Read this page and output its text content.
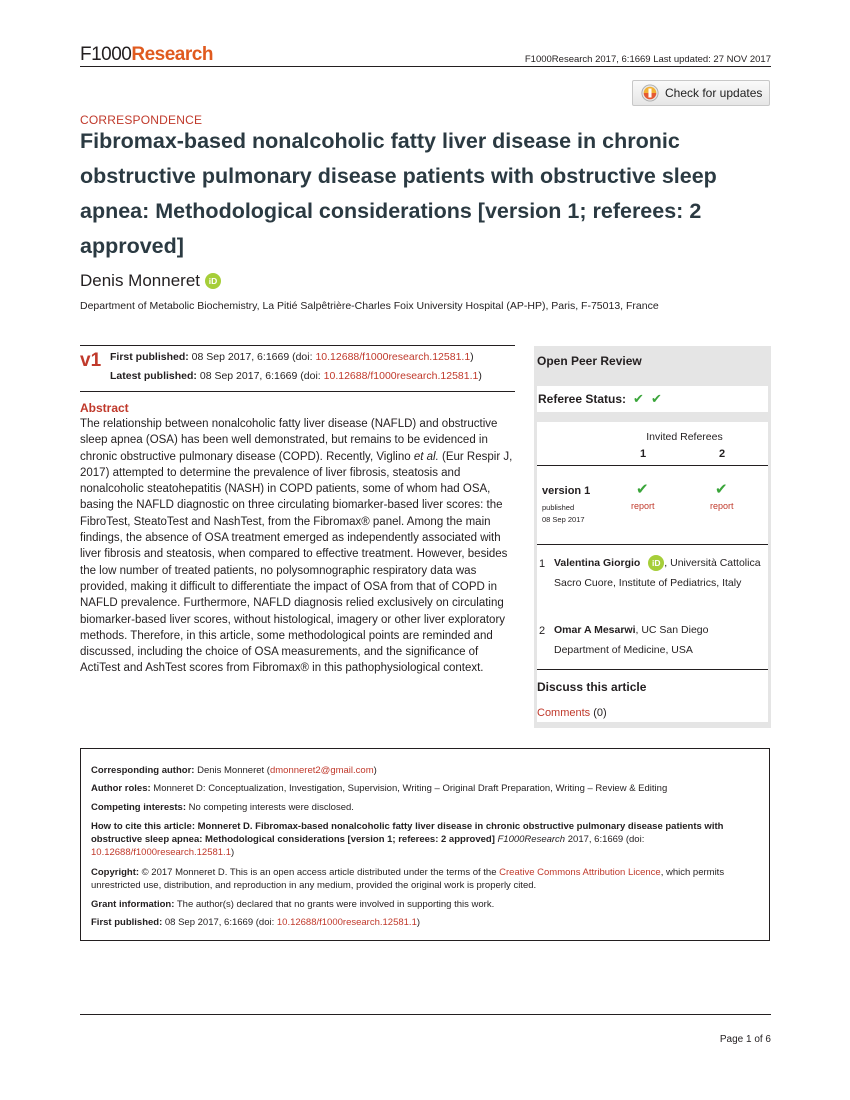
F1000Research	F1000Research 2017, 6:1669 Last updated: 27 NOV 2017
Check for updates
CORRESPONDENCE
Fibromax-based nonalcoholic fatty liver disease in chronic obstructive pulmonary disease patients with obstructive sleep apnea: Methodological considerations [version 1; referees: 2 approved]
Denis Monneret	iD
Department of Metabolic Biochemistry, La Pitié Salpêtrière-Charles Foix University Hospital (AP-HP), Paris, F-75013, France
v1 First published: 08 Sep 2017, 6:1669 (doi: 10.12688/f1000research.12581.1)
Latest published: 08 Sep 2017, 6:1669 (doi: 10.12688/f1000research.12581.1)
Abstract
The relationship between nonalcoholic fatty liver disease (NAFLD) and obstructive sleep apnea (OSA) has been well demonstrated, but remains to be evidenced in chronic obstructive pulmonary disease (COPD). Recently, Viglino et al. (Eur Respir J, 2017) attempted to determine the prevalence of liver fibrosis, steatosis and nonalcoholic steatohepatitis (NASH) in COPD patients, some of whom had OSA, basing the NAFLD diagnostic on three circulating biomarker-based liver scores: the FibroTest, SteatoTest and NashTest, from the Fibromax® panel. Among the main findings, the absence of OSA treatment emerged as independently associated with liver fibrosis and steatosis, when compared to effective treatment. However, besides the low number of treated patients, no polysomnographic respiratory data was provided, making it difficult to differentiate the impact of OSA from that of COPD in NAFLD prevalence. Furthermore, NAFLD diagnosis relied exclusively on circulating biomarker-based liver scores, without histological, imagery or other liver exploratory methods. Therefore, in this article, some methodological points are reminded and discussed, including the choice of OSA measurements, and the significance of ActiTest and AshTest scores from Fibromax® in this pathophysiological context.
Open Peer Review
Referee Status: ✔ ✔
Invited Referees
1	2
version 1
published
08 Sep 2017
✔	✔
report	report
1 Valentina Giorgio iD , Università Cattolica Sacro Cuore, Institute of Pediatrics, Italy
2 Omar A Mesarwi, UC San Diego Department of Medicine, USA
Discuss this article
Comments (0)
Corresponding author: Denis Monneret (dmonneret2@gmail.com)
Author roles: Monneret D: Conceptualization, Investigation, Supervision, Writing – Original Draft Preparation, Writing – Review & Editing
Competing interests: No competing interests were disclosed.
How to cite this article: Monneret D. Fibromax-based nonalcoholic fatty liver disease in chronic obstructive pulmonary disease patients with obstructive sleep apnea: Methodological considerations [version 1; referees: 2 approved] F1000Research 2017, 6:1669 (doi: 10.12688/f1000research.12581.1)
Copyright: © 2017 Monneret D. This is an open access article distributed under the terms of the Creative Commons Attribution Licence, which permits unrestricted use, distribution, and reproduction in any medium, provided the original work is properly cited.
Grant information: The author(s) declared that no grants were involved in supporting this work.
First published: 08 Sep 2017, 6:1669 (doi: 10.12688/f1000research.12581.1)
Page 1 of 6
